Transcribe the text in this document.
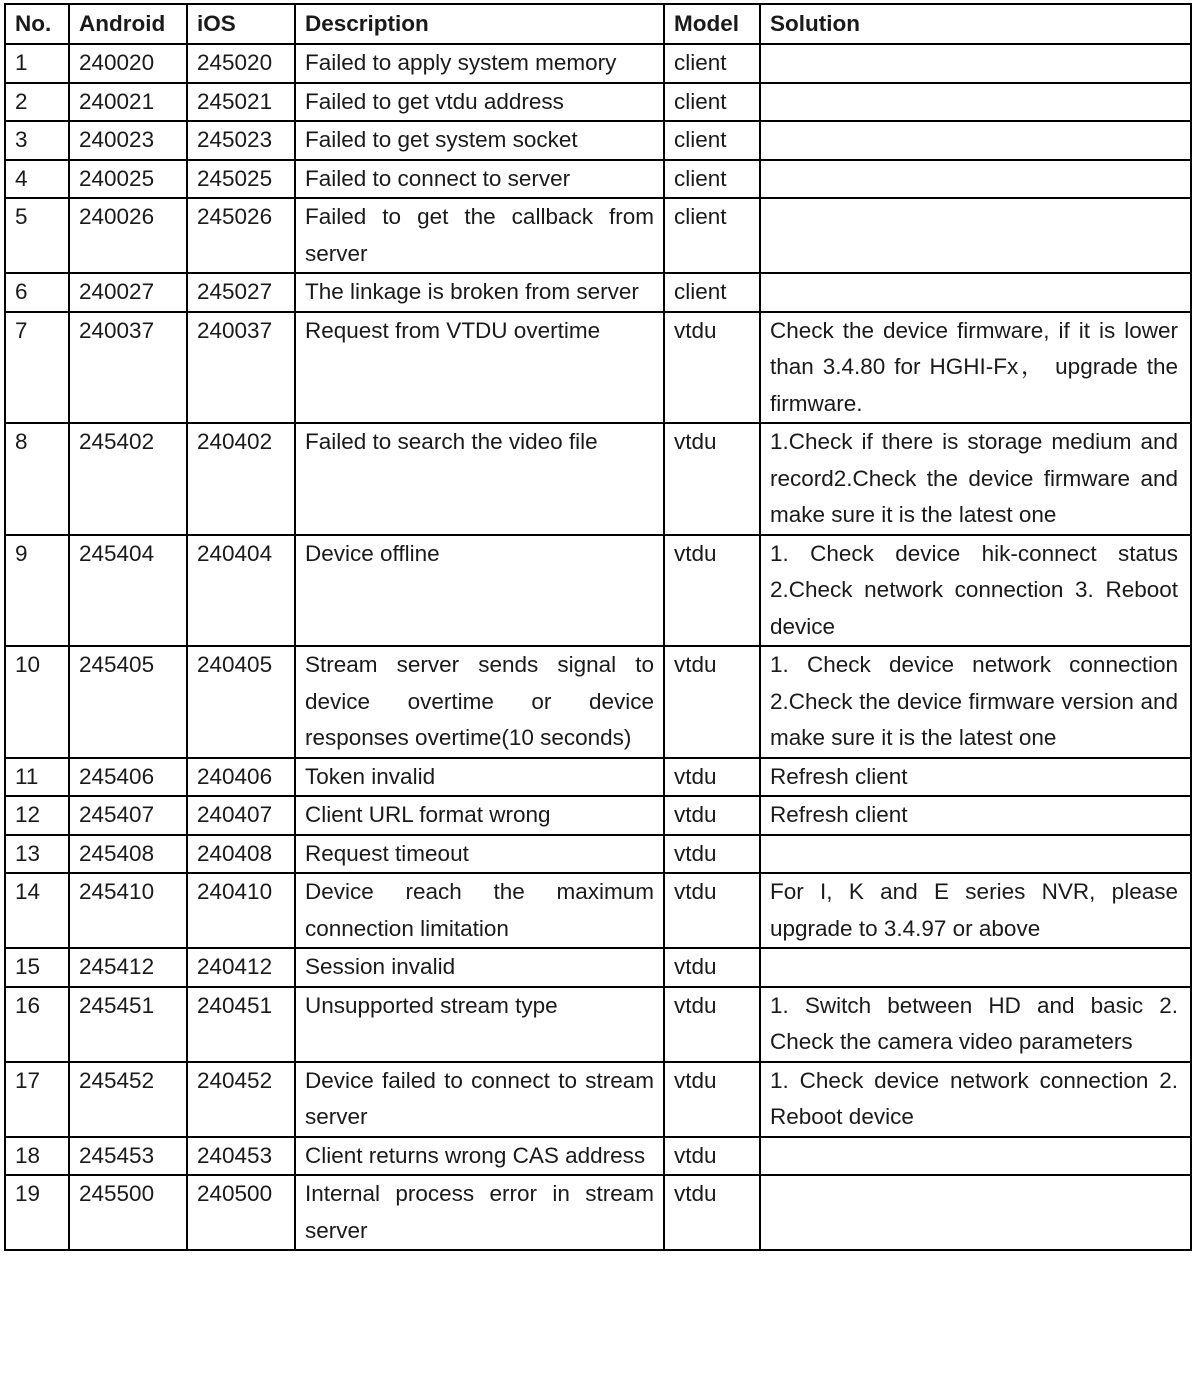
No.	Android	iOS	Description	Model	Solution
1	240020	245020	Failed to apply system memory	client	
2	240021	245021	Failed to get vtdu address	client	
3	240023	245023	Failed to get system socket	client	
4	240025	245025	Failed to connect to server	client	
5	240026	245026	Failed to get the callback from server	client	
6	240027	245027	The linkage is broken from server	client	
7	240037	240037	Request from VTDU overtime	vtdu	Check the device firmware, if it is lower than 3.4.80 for HGHI-Fx， upgrade the firmware.
8	245402	240402	Failed to search the video file	vtdu	1.Check if there is storage medium and record2.Check the device firmware and make sure it is the latest one
9	245404	240404	Device offline	vtdu	1. Check device hik-connect status 2.Check network connection 3. Reboot device
10	245405	240405	Stream server sends signal to device overtime or device responses overtime(10 seconds)	vtdu	1. Check device network connection 2.Check the device firmware version and make sure it is the latest one
11	245406	240406	Token invalid	vtdu	Refresh client
12	245407	240407	Client URL format wrong	vtdu	Refresh client
13	245408	240408	Request timeout	vtdu	
14	245410	240410	Device reach the maximum connection limitation	vtdu	For I, K and E series NVR, please upgrade to 3.4.97 or above
15	245412	240412	Session invalid	vtdu	
16	245451	240451	Unsupported stream type	vtdu	1. Switch between HD and basic 2. Check the camera video parameters
17	245452	240452	Device failed to connect to stream server	vtdu	1. Check device network connection 2. Reboot device
18	245453	240453	Client returns wrong CAS address	vtdu	
19	245500	240500	Internal process error in stream server	vtdu	
